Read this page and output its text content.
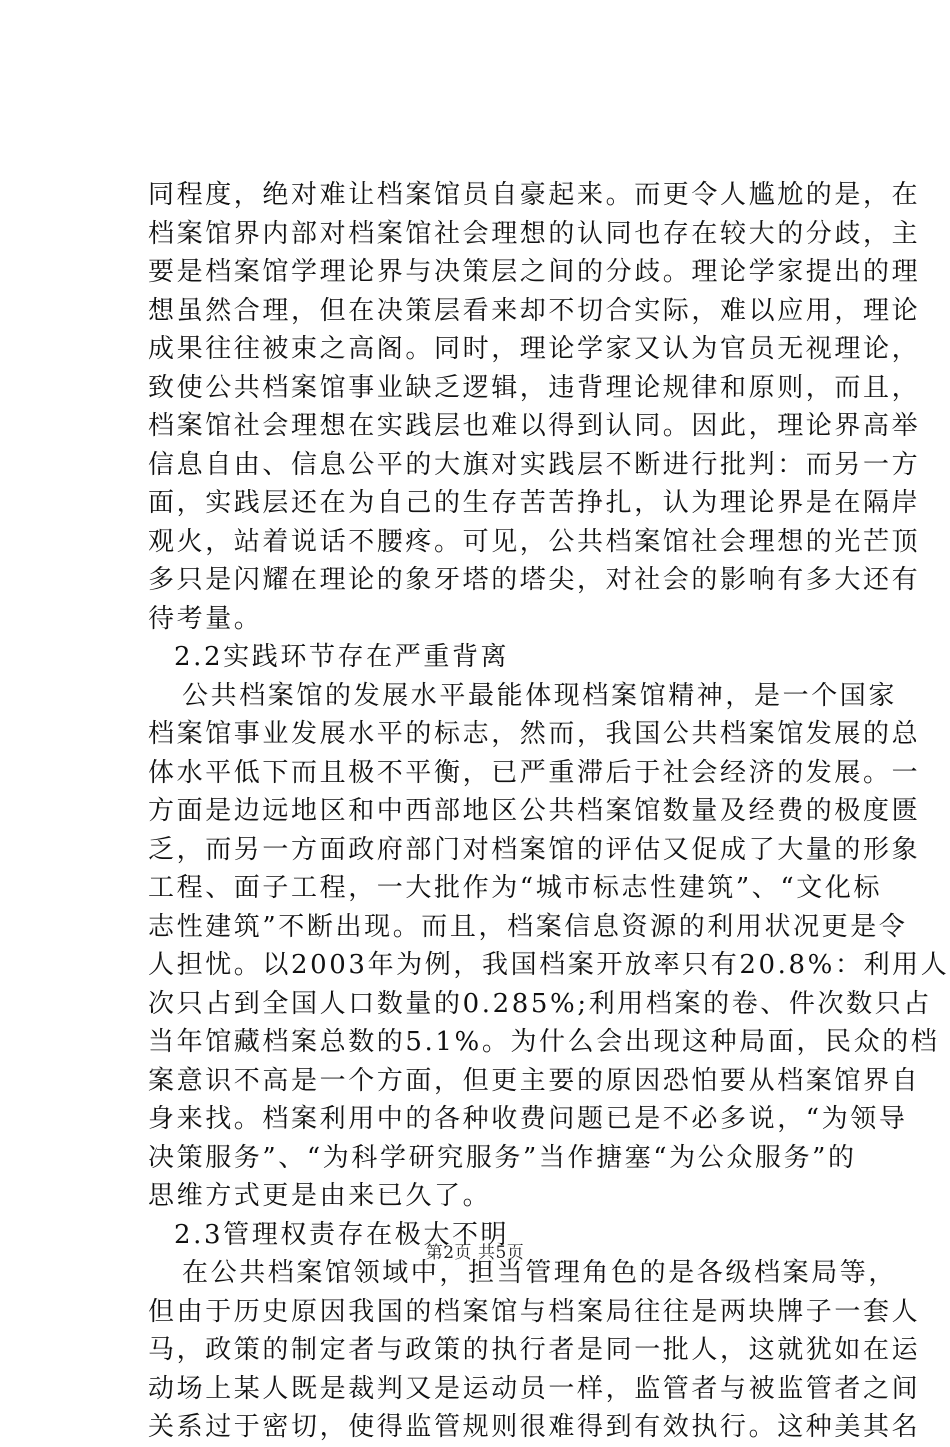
同程度，绝对难让档案馆员自豪起来。而更令人尴尬的是，在
档案馆界内部对档案馆社会理想的认同也存在较大的分歧，主
要是档案馆学理论界与决策层之间的分歧。理论学家提出的理
想虽然合理，但在决策层看来却不切合实际，难以应用，理论
成果往往被束之高阁。同时，理论学家又认为官员无视理论，
致使公共档案馆事业缺乏逻辑，违背理论规律和原则，而且，
档案馆社会理想在实践层也难以得到认同。因此，理论界高举
信息自由、信息公平的大旗对实践层不断进行批判：而另一方
面，实践层还在为自己的生存苦苦挣扎，认为理论界是在隔岸
观火，站着说话不腰疼。可见，公共档案馆社会理想的光芒顶
多只是闪耀在理论的象牙塔的塔尖，对社会的影响有多大还有
待考量。
2.2实践环节存在严重背离
公共档案馆的发展水平最能体现档案馆精神，是一个国家
档案馆事业发展水平的标志，然而，我国公共档案馆发展的总
体水平低下而且极不平衡，已严重滞后于社会经济的发展。一
方面是边远地区和中西部地区公共档案馆数量及经费的极度匮
乏，而另一方面政府部门对档案馆的评估又促成了大量的形象
工程、面子工程，一大批作为“城市标志性建筑”、“文化标
志性建筑”不断出现。而且，档案信息资源的利用状况更是令
人担忧。以2003年为例，我国档案开放率只有20.8%：利用人
次只占到全国人口数量的0.285%;利用档案的卷、件次数只占
当年馆藏档案总数的5.1%。为什么会出现这种局面，民众的档
案意识不高是一个方面，但更主要的原因恐怕要从档案馆界自
身来找。档案利用中的各种收费问题已是不必多说，“为领导
决策服务”、“为科学研究服务”当作搪塞“为公众服务”的
思维方式更是由来已久了。
2.3管理权责存在极大不明
在公共档案馆领域中，担当管理角色的是各级档案局等，
但由于历史原因我国的档案馆与档案局往往是两块牌子一套人
马，政策的制定者与政策的执行者是同一批人，这就犹如在运
动场上某人既是裁判又是运动员一样，监管者与被监管者之间
关系过于密切，使得监管规则很难得到有效执行。这种美其名
第2页 共5页
